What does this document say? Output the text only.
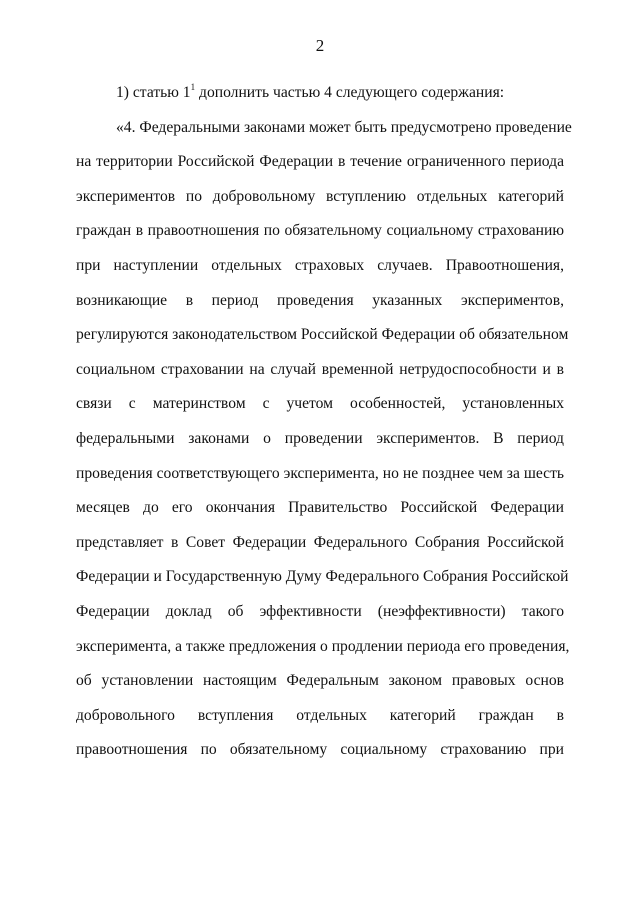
2
1) статью $1^1$ дополнить частью 4 следующего содержания:
«4. Федеральными законами может быть предусмотрено проведение
на территории Российской Федерации в течение ограниченного периода
экспериментов по добровольному вступлению отдельных категорий
граждан в правоотношения по обязательному социальному страхованию
при наступлении отдельных страховых случаев. Правоотношения,
возникающие в период проведения указанных экспериментов,
регулируются законодательством Российской Федерации об обязательном
социальном страховании на случай временной нетрудоспособности и в
связи с материнством с учетом особенностей, установленных
федеральными законами о проведении экспериментов. В период
проведения соответствующего эксперимента, но не позднее чем за шесть
месяцев до его окончания Правительство Российской Федерации
представляет в Совет Федерации Федерального Собрания Российской
Федерации и Государственную Думу Федерального Собрания Российской
Федерации доклад об эффективности (неэффективности) такого
эксперимента, а также предложения о продлении периода его проведения,
об установлении настоящим Федеральным законом правовых основ
добровольного вступления отдельных категорий граждан в
правоотношения по обязательному социальному страхованию при
